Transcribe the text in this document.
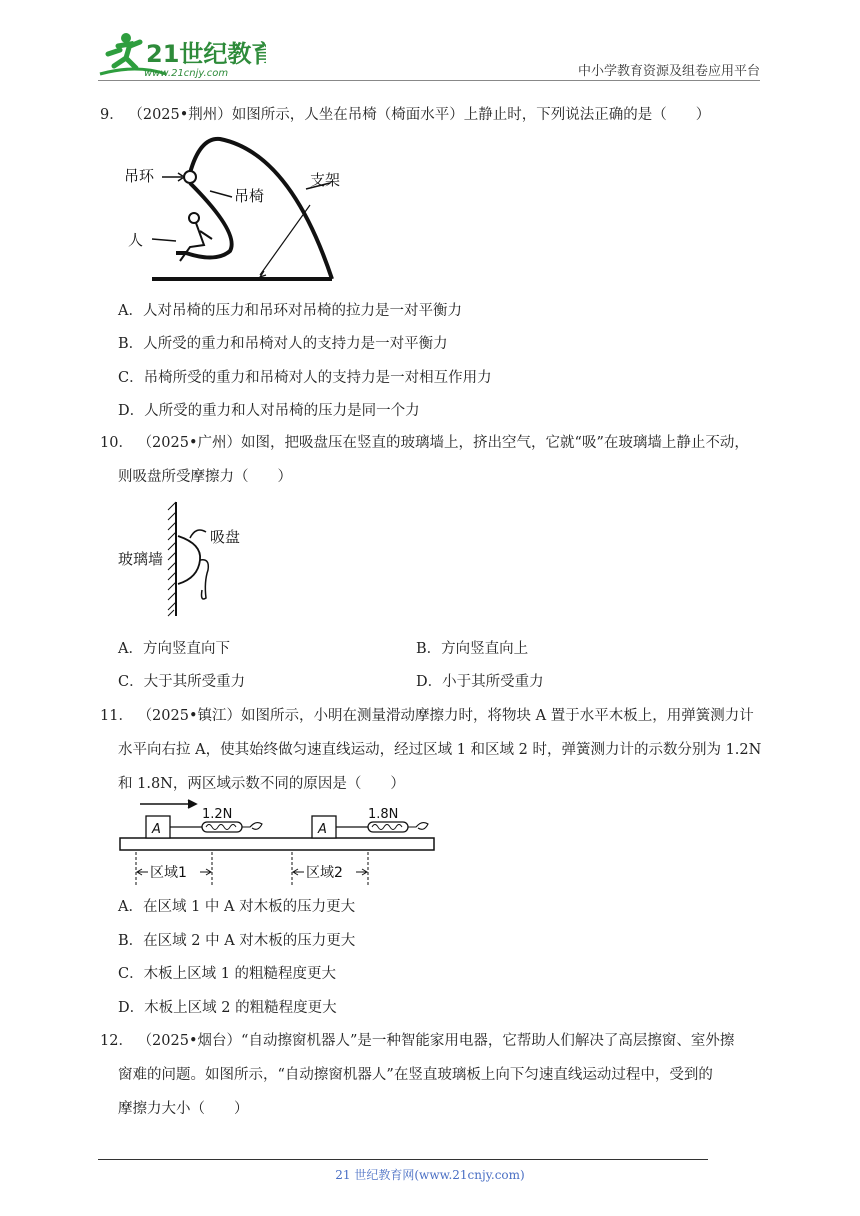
21世纪教育
www.21cnjy.com	中小学教育资源及组卷应用平台
9． （2025•荆州）如图所示，人坐在吊椅（椅面水平）上静止时，下列说法正确的是（　　）
吊环
吊椅
人
支架
A．人对吊椅的压力和吊环对吊椅的拉力是一对平衡力
B．人所受的重力和吊椅对人的支持力是一对平衡力
C．吊椅所受的重力和吊椅对人的支持力是一对相互作用力
D．人所受的重力和人对吊椅的压力是同一个力
10． （2025•广州）如图，把吸盘压在竖直的玻璃墙上，挤出空气，它就“吸”在玻璃墙上静止不动，
则吸盘所受摩擦力（　　）
玻璃墙
吸盘
A．方向竖直向下	B．方向竖直向上
C．大于其所受重力	D．小于其所受重力
11． （2025•镇江）如图所示，小明在测量滑动摩擦力时，将物块 A 置于水平木板上，用弹簧测力计
水平向右拉 A，使其始终做匀速直线运动，经过区域 1 和区域 2 时，弹簧测力计的示数分别为 1.2N
和 1.8N，两区域示数不同的原因是（　　）
A
1.2N
A
1.8N
区域1	区域2
A．在区域 1 中 A 对木板的压力更大
B．在区域 2 中 A 对木板的压力更大
C．木板上区域 1 的粗糙程度更大
D．木板上区域 2 的粗糙程度更大
12． （2025•烟台）“自动擦窗机器人”是一种智能家用电器，它帮助人们解决了高层擦窗、室外擦
窗难的问题。如图所示，“自动擦窗机器人”在竖直玻璃板上向下匀速直线运动过程中，受到的
摩擦力大小（　　）
21 世纪教育网(www.21cnjy.com)
